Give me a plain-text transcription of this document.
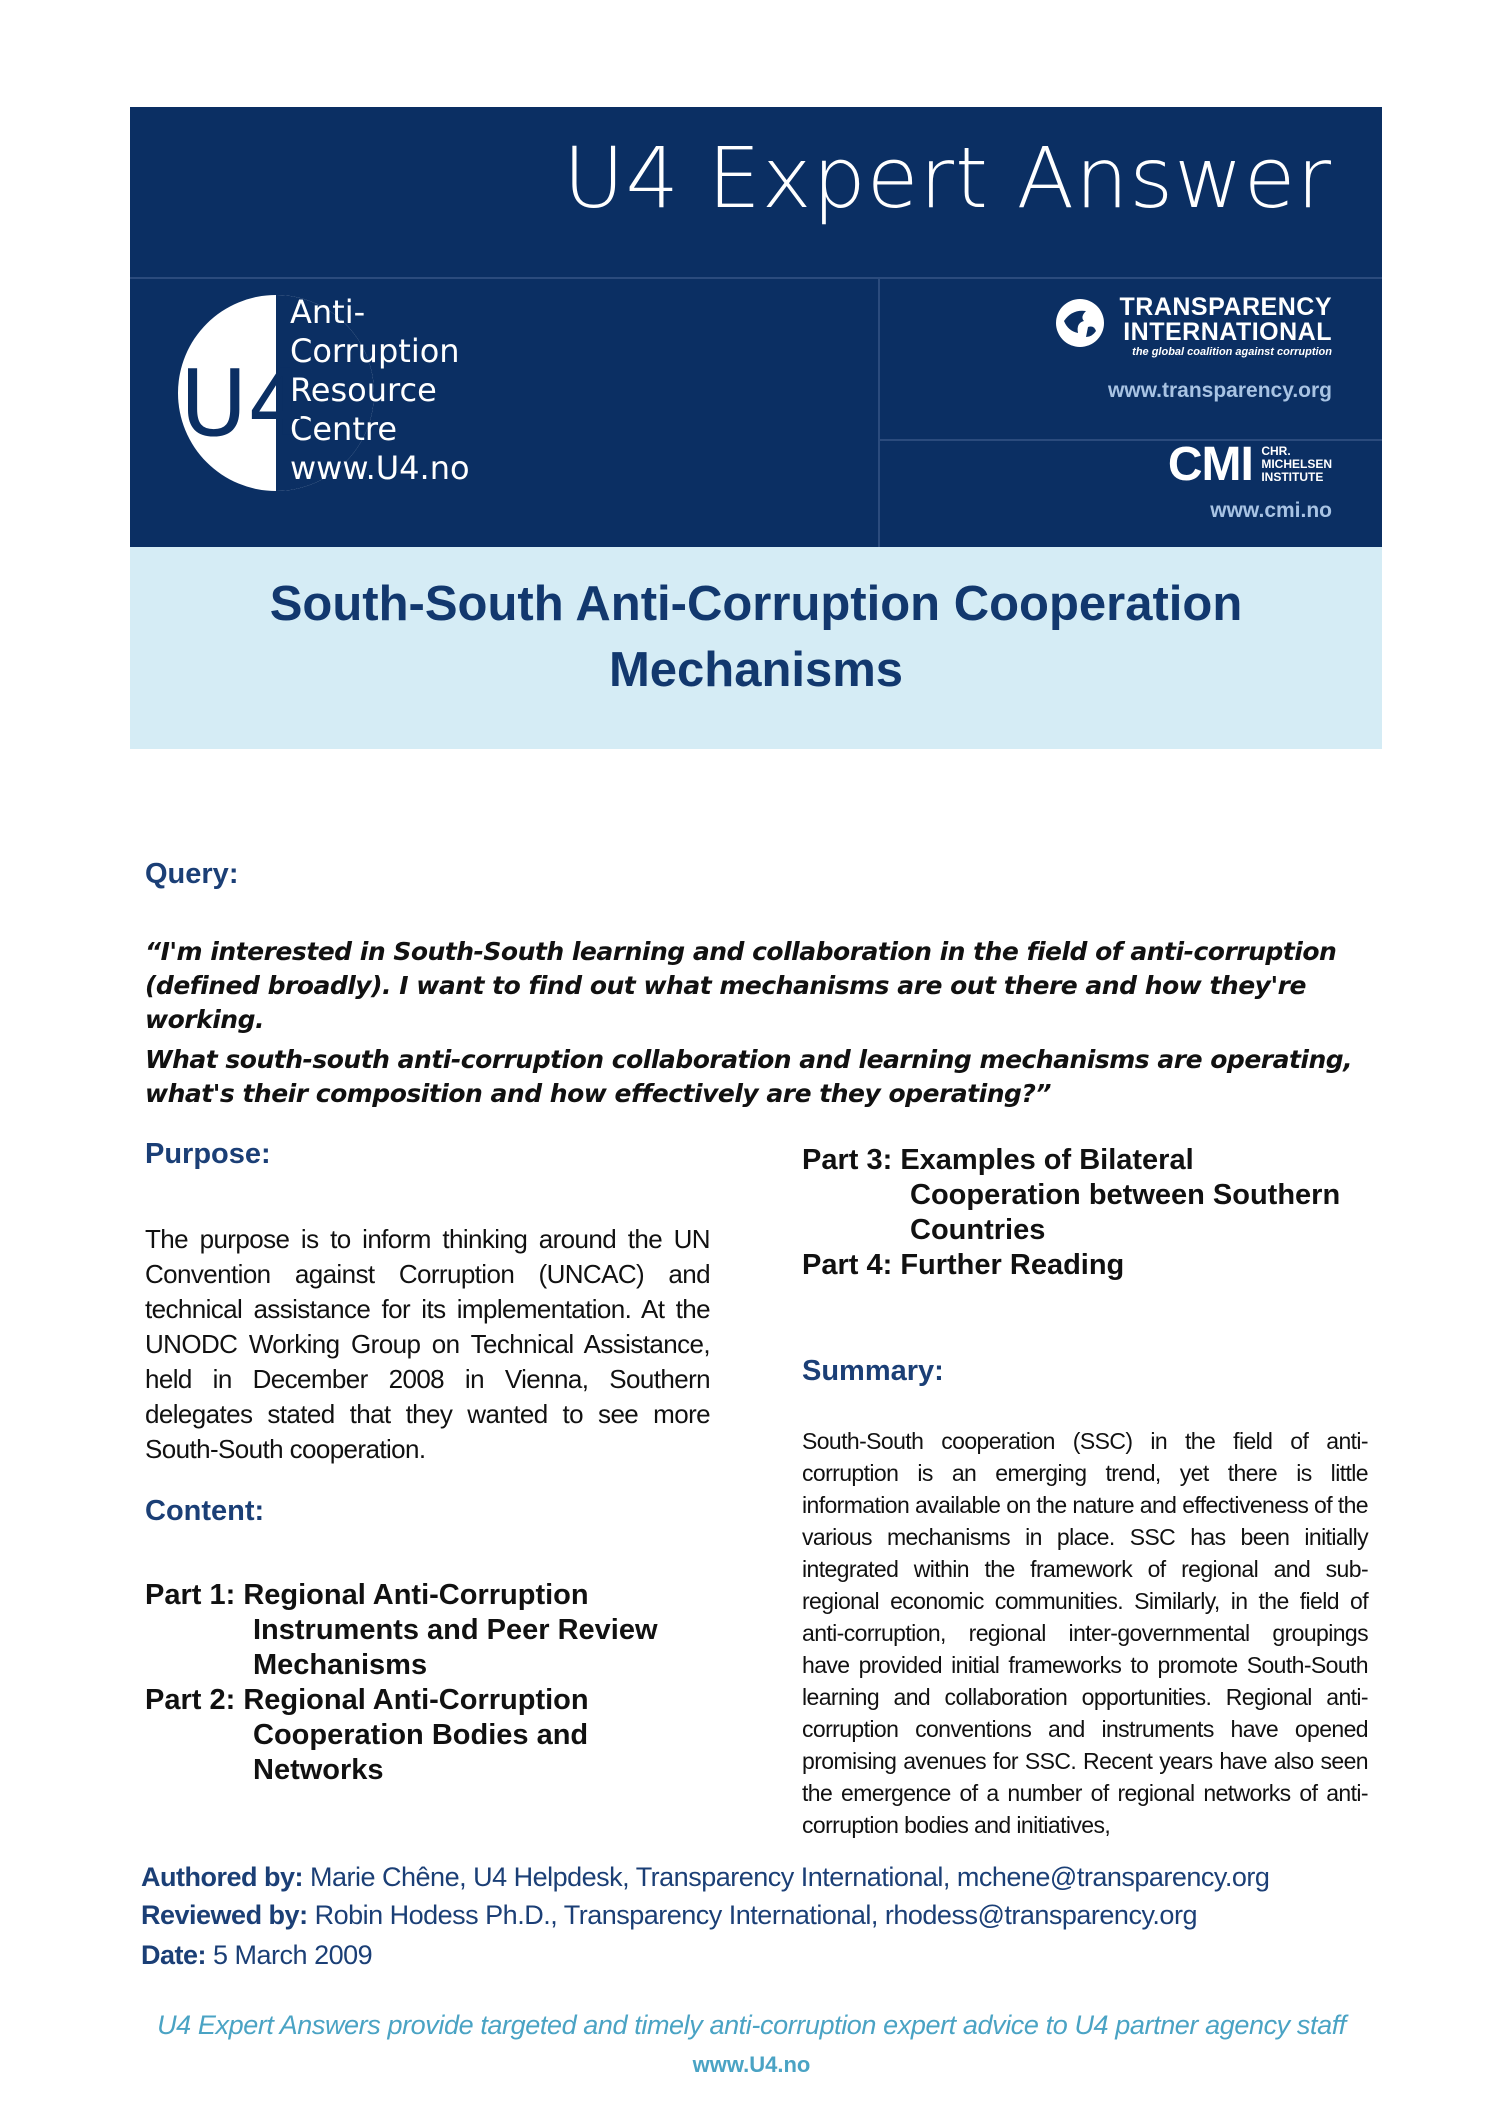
U4 Expert Answer
Anti-
Corruption
Resource
Centre
www.U4.no
U4
TRANSPARENCY
INTERNATIONAL
the global coalition against corruption
www.transparency.org
CMI CHR.
MICHELSEN
INSTITUTE
www.cmi.no
South-South Anti-Corruption Cooperation
Mechanisms
Query:
“I'm interested in South-South learning and collaboration in the field of anti-corruption (defined broadly). I want to find out what mechanisms are out there and how they're working.
What south-south anti-corruption collaboration and learning mechanisms are operating, what's their composition and how effectively are they operating?”
Purpose:
The purpose is to inform thinking around the UN Convention against Corruption (UNCAC) and technical assistance for its implementation. At the UNODC Working Group on Technical Assistance, held in December 2008 in Vienna, Southern delegates stated that they wanted to see more South-South cooperation.
Content:
Part 1: Regional Anti-Corruption
Instruments and Peer Review
Mechanisms
Part 2: Regional Anti-Corruption
Cooperation Bodies and
Networks
Part 3: Examples of Bilateral
Cooperation between Southern
Countries
Part 4: Further Reading
Summary:
South-South cooperation (SSC) in the field of anti-corruption is an emerging trend, yet there is little information available on the nature and effectiveness of the various mechanisms in place. SSC has been initially integrated within the framework of regional and sub-regional economic communities. Similarly, in the field of anti-corruption, regional inter-governmental groupings have provided initial frameworks to promote South-South learning and collaboration opportunities. Regional anti-corruption conventions and instruments have opened promising avenues for SSC. Recent years have also seen the emergence of a number of regional networks of anti-corruption bodies and initiatives,
Authored by: Marie Chêne, U4 Helpdesk, Transparency International, mchene@transparency.org
Reviewed by: Robin Hodess Ph.D., Transparency International, rhodess@transparency.org
Date: 5 March 2009
U4 Expert Answers provide targeted and timely anti-corruption expert advice to U4 partner agency staff
www.U4.no
